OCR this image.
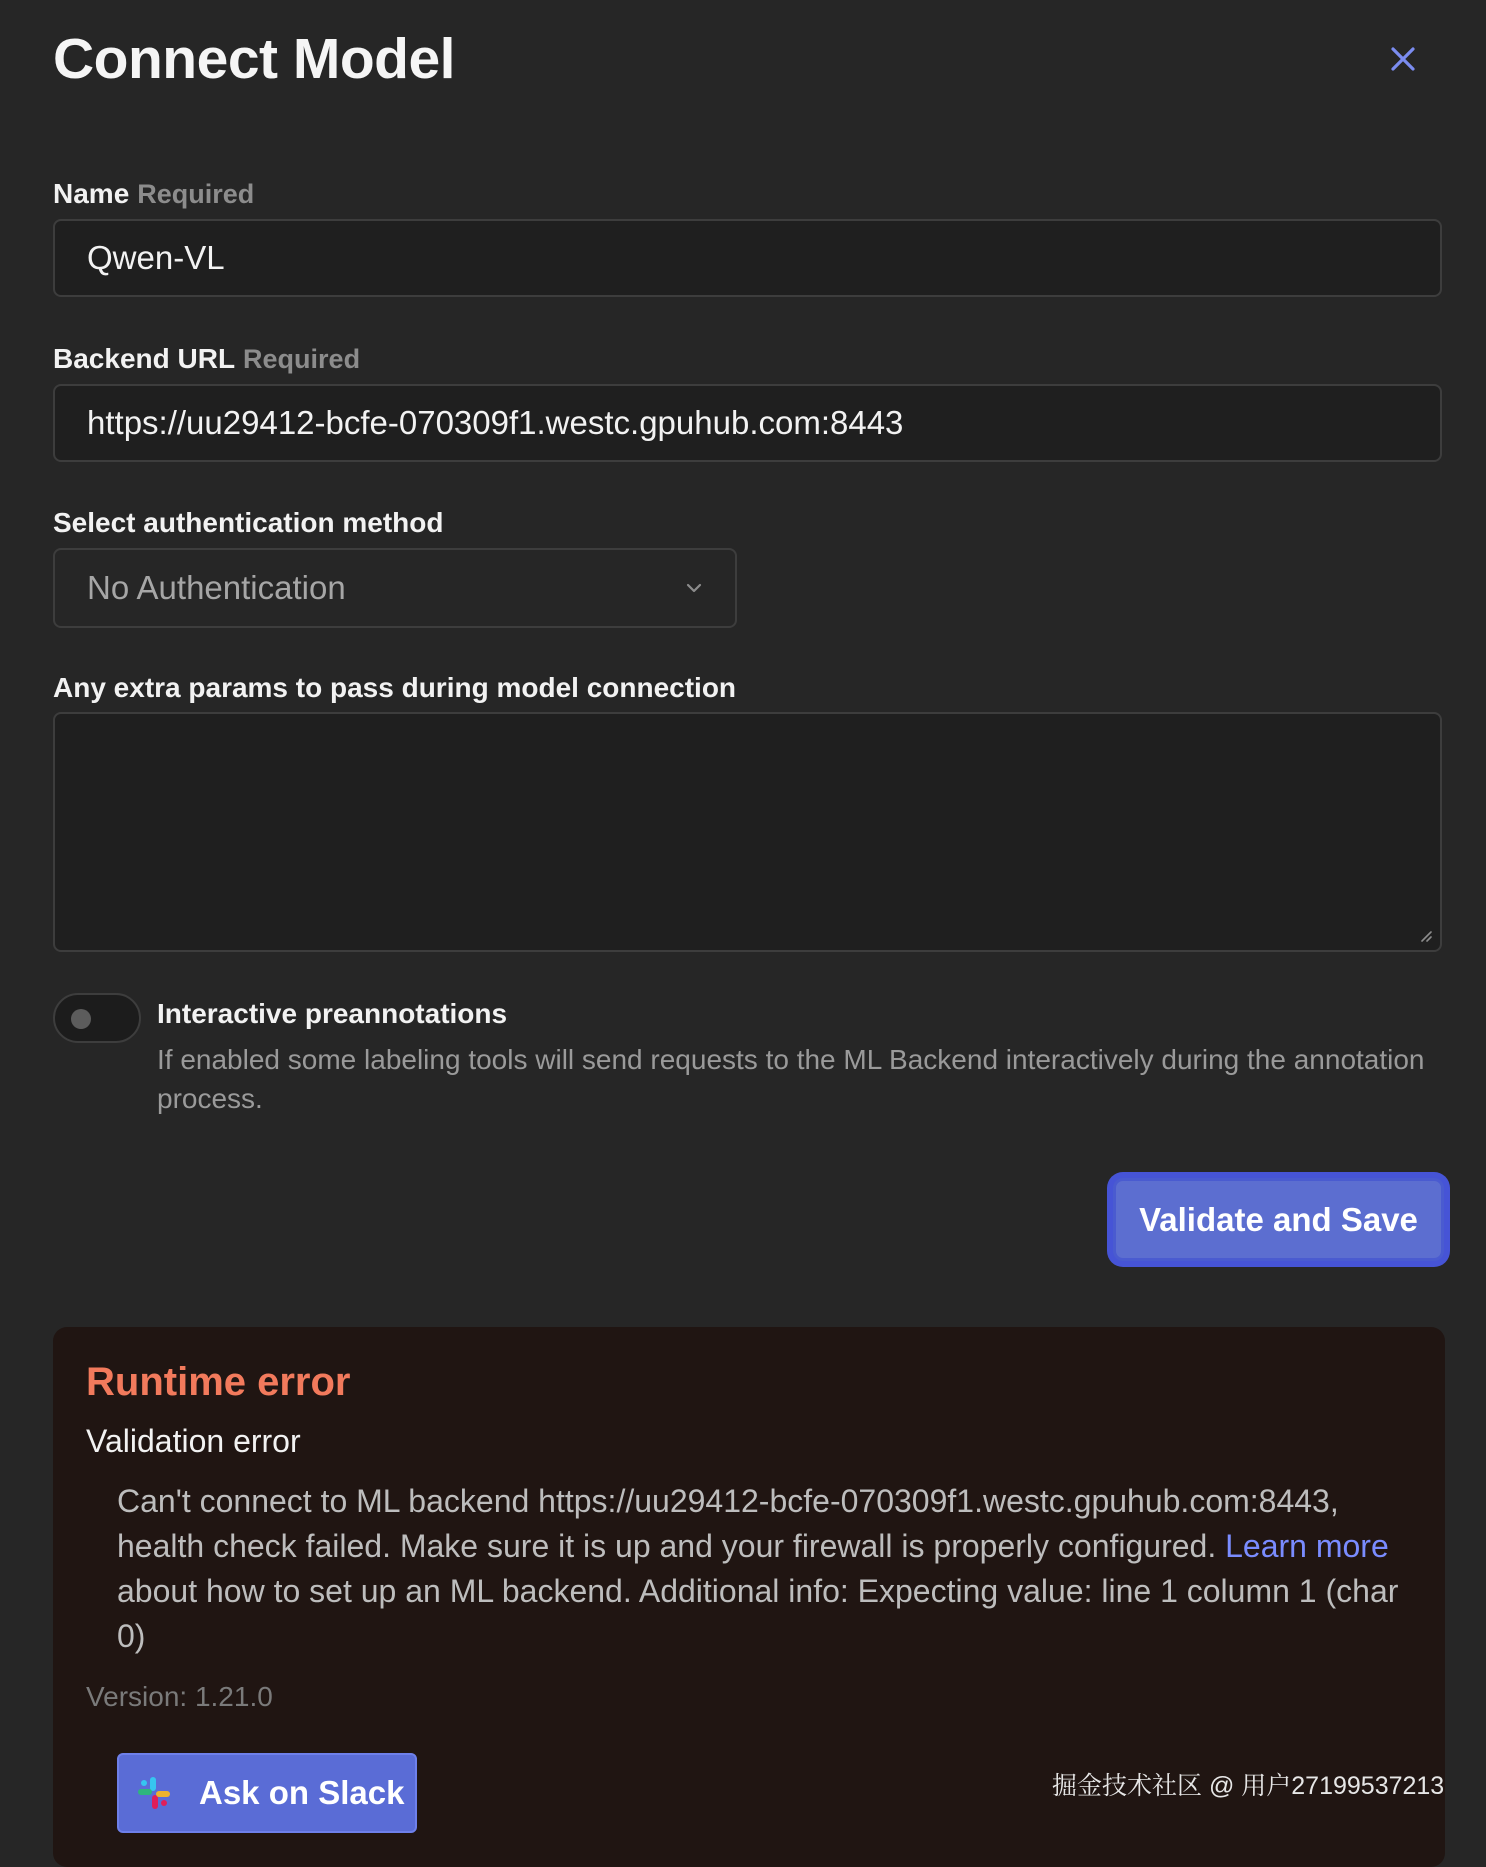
Connect Model
Name Required
Qwen-VL
Backend URL Required
https://uu29412-bcfe-070309f1.westc.gpuhub.com:8443
Select authentication method
No Authentication
Any extra params to pass during model connection
Interactive preannotations
If enabled some labeling tools will send requests to the ML Backend interactively during the annotation process.
Validate and Save
Runtime error
Validation error
Can't connect to ML backend https://uu29412-bcfe-070309f1.westc.gpuhub.com:8443, health check failed. Make sure it is up and your firewall is properly configured. Learn more about how to set up an ML backend. Additional info: Expecting value: line 1 column 1 (char 0)
Version: 1.21.0
Ask on Slack	掘金技术社区 @ 用户27199537213
